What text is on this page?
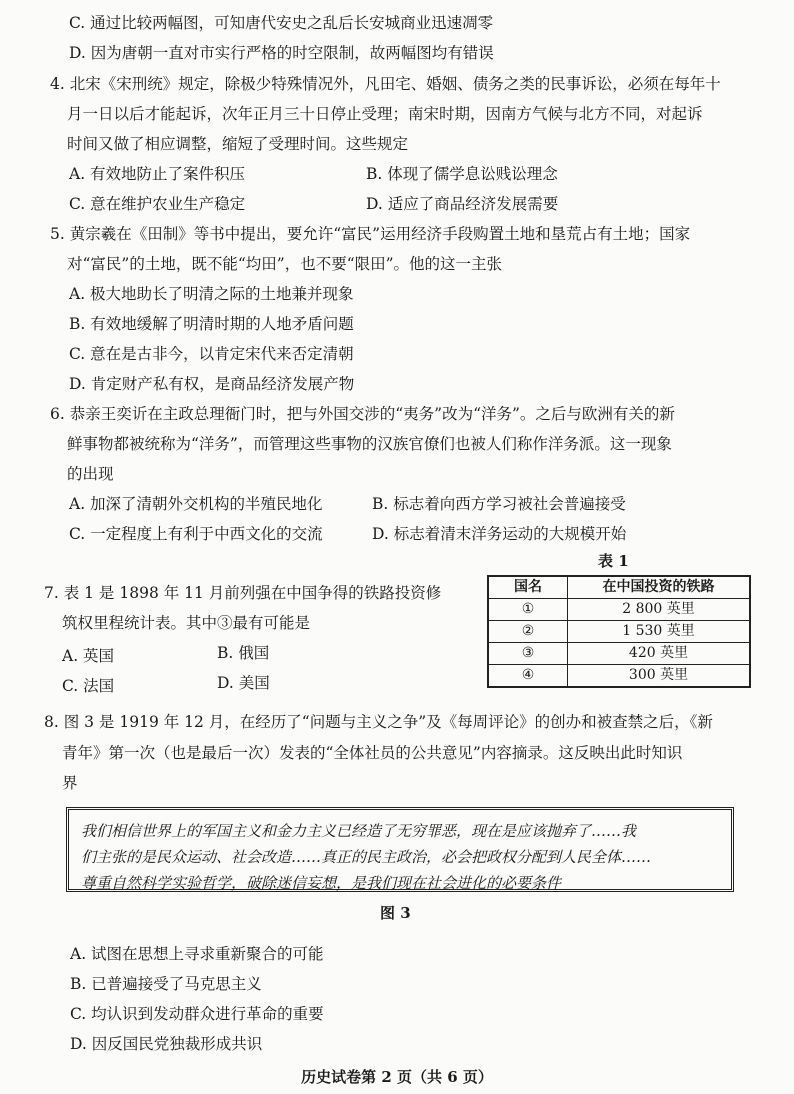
C. 通过比较两幅图，可知唐代安史之乱后长安城商业迅速凋零
D. 因为唐朝一直对市实行严格的时空限制，故两幅图均有错误
4. 北宋《宋刑统》规定，除极少特殊情况外，凡田宅、婚姻、债务之类的民事诉讼，必须在每年十
月一日以后才能起诉，次年正月三十日停止受理；南宋时期，因南方气候与北方不同，对起诉
时间又做了相应调整，缩短了受理时间。这些规定
A. 有效地防止了案件积压	B. 体现了儒学息讼贱讼理念
C. 意在维护农业生产稳定	D. 适应了商品经济发展需要
5. 黄宗羲在《田制》等书中提出，要允许“富民”运用经济手段购置土地和垦荒占有土地；国家
对“富民”的土地，既不能“均田”，也不要“限田”。他的这一主张
A. 极大地助长了明清之际的土地兼并现象
B. 有效地缓解了明清时期的人地矛盾问题
C. 意在是古非今，以肯定宋代来否定清朝
D. 肯定财产私有权，是商品经济发展产物
6. 恭亲王奕䜣在主政总理衙门时，把与外国交涉的“夷务”改为“洋务”。之后与欧洲有关的新
鲜事物都被统称为“洋务”，而管理这些事物的汉族官僚们也被人们称作洋务派。这一现象
的出现
A. 加深了清朝外交机构的半殖民地化	B. 标志着向西方学习被社会普遍接受
C. 一定程度上有利于中西文化的交流	D. 标志着清末洋务运动的大规模开始
表 1
国名	在中国投资的铁路
①	2 800 英里
②	1 530 英里
③	420 英里
④	300 英里
7. 表 1 是 1898 年 11 月前列强在中国争得的铁路投资修
筑权里程统计表。其中③最有可能是
A. 英国	B. 俄国
C. 法国	D. 美国
8. 图 3 是 1919 年 12 月，在经历了“问题与主义之争”及《每周评论》的创办和被查禁之后，《新
青年》第一次（也是最后一次）发表的“全体社员的公共意见”内容摘录。这反映出此时知识
界
我们相信世界上的军国主义和金力主义已经造了无穷罪恶，现在是应该抛弃了……我
们主张的是民众运动、社会改造……真正的民主政治，必会把政权分配到人民全体……
尊重自然科学实验哲学，破除迷信妄想，是我们现在社会进化的必要条件
图 3
A. 试图在思想上寻求重新聚合的可能
B. 已普遍接受了马克思主义
C. 均认识到发动群众进行革命的重要
D. 因反国民党独裁形成共识
历史试卷第 2 页（共 6 页）
